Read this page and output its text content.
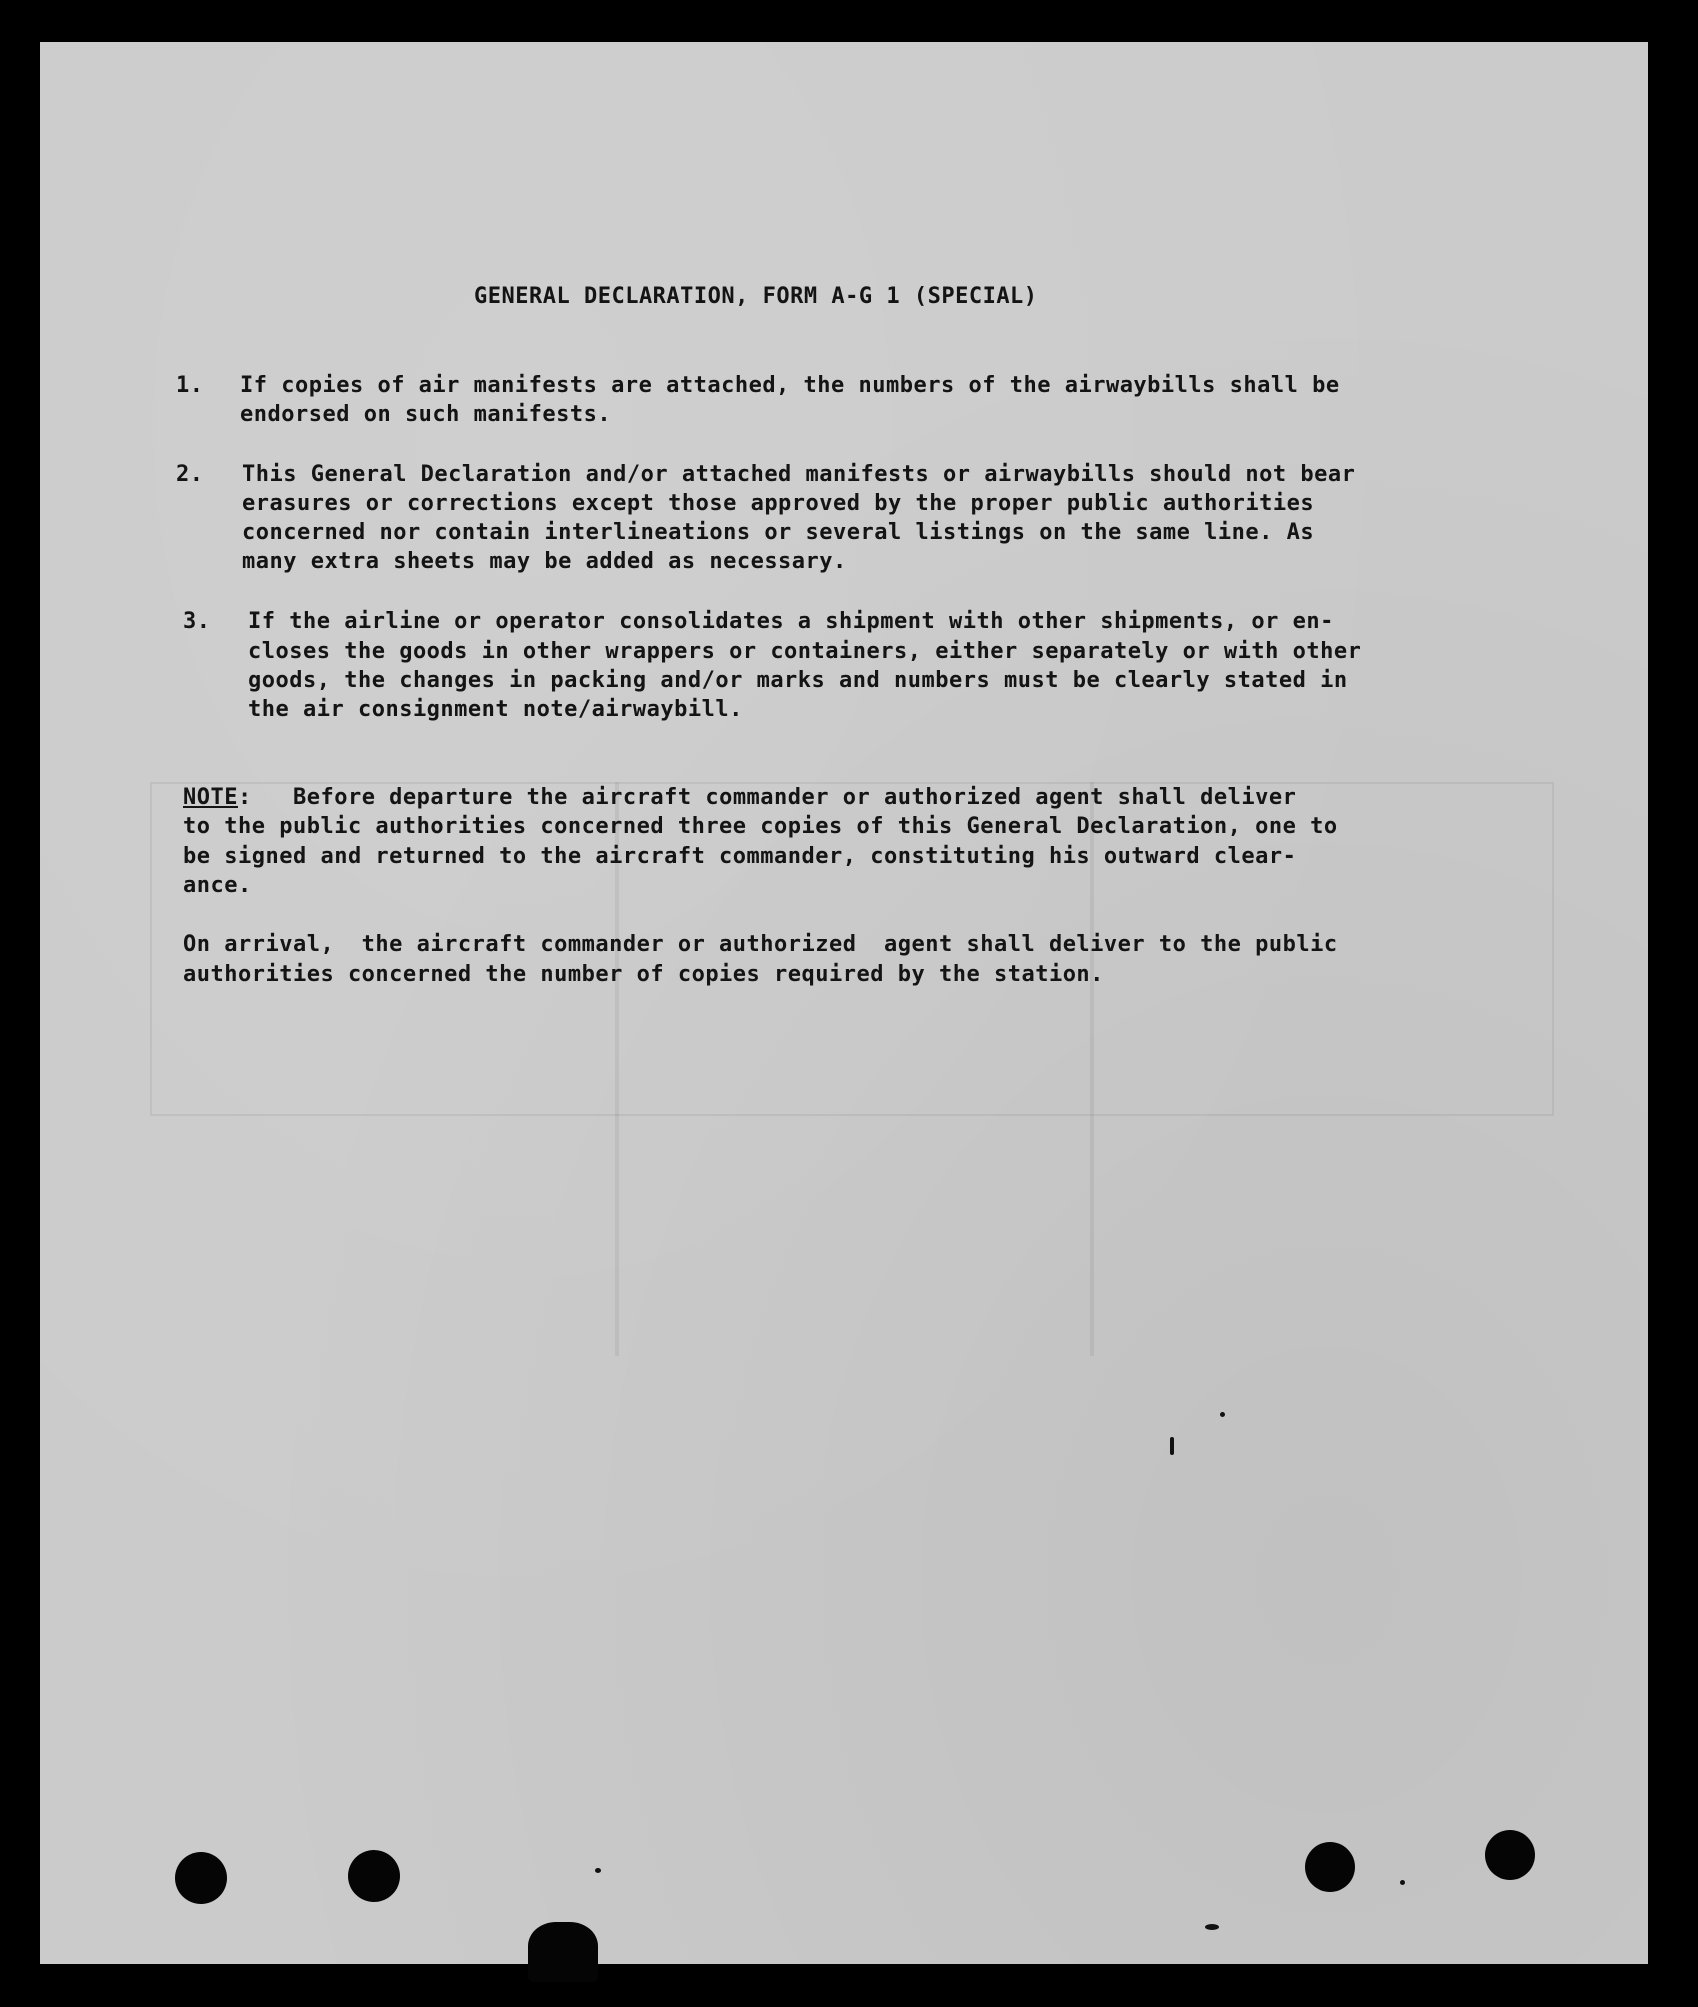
GENERAL DECLARATION, FORM A-G 1 (SPECIAL)
1. If copies of air manifests are attached, the numbers of the airwaybills shall be
endorsed on such manifests.
2. This General Declaration and/or attached manifests or airwaybills should not bear
erasures or corrections except those approved by the proper public authorities
concerned nor contain interlineations or several listings on the same line. As
many extra sheets may be added as necessary.
3. If the airline or operator consolidates a shipment with other shipments, or en-
closes the goods in other wrappers or containers, either separately or with other
goods, the changes in packing and/or marks and numbers must be clearly stated in
the air consignment note/airwaybill.
NOTE:   Before departure the aircraft commander or authorized agent shall deliver
to the public authorities concerned three copies of this General Declaration, one to
be signed and returned to the aircraft commander, constituting his outward clear-
ance.
On arrival,  the aircraft commander or authorized  agent shall deliver to the public
authorities concerned the number of copies required by the station.
